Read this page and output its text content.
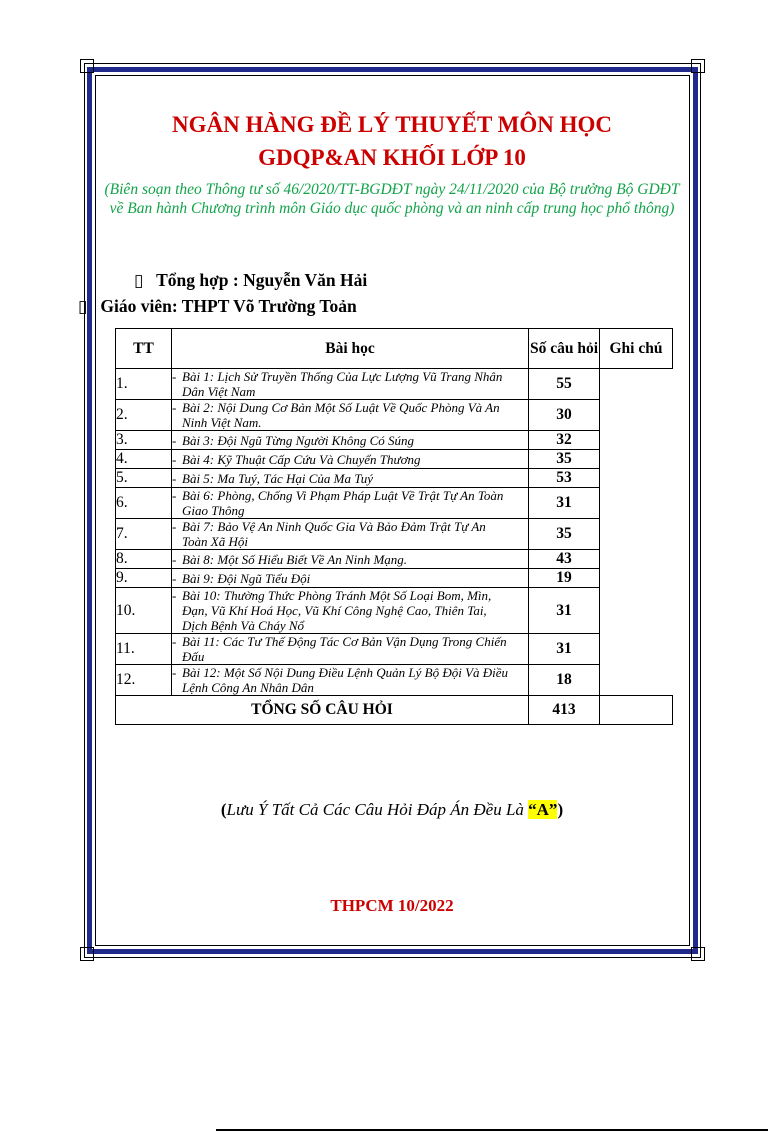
NGÂN HÀNG ĐỀ LÝ THUYẾT MÔN HỌC
GDQP&AN KHỐI LỚP 10
(Biên soạn theo Thông tư số 46/2020/TT-BGDĐT ngày 24/11/2020 của Bộ trưởng Bộ GDĐT về Ban hành Chương trình môn Giáo dục quốc phòng và an ninh cấp trung học phổ thông)
▯ Tổng hợp : Nguyễn Văn Hải
▯ Giáo viên: THPT Võ Trường Toản
TT	Bài học	Số câu hỏi	Ghi chú
1.	- Bài 1: Lịch Sử Truyền Thống Của Lực Lượng Vũ Trang Nhân Dân Việt Nam	55	

2.	- Bài 2: Nội Dung Cơ Bản Một Số Luật Về Quốc Phòng Và An Ninh Việt Nam.	30	

3.	- Bài 3: Đội Ngũ Từng Người Không Có Súng	32	

4.	- Bài 4: Kỹ Thuật Cấp Cứu Và Chuyển Thương	35	

5.	- Bài 5: Ma Tuý, Tác Hại Của Ma Tuý	53	

6.	- Bài 6: Phòng, Chống Vi Phạm Pháp Luật Về Trật Tự An Toàn Giao Thông	31	

7.	- Bài 7: Bảo Vệ An Ninh Quốc Gia Và Bảo Đảm Trật Tự An Toàn Xã Hội	35	

8.	- Bài 8: Một Số Hiểu Biết Về An Ninh Mạng.	43	

9.	- Bài 9: Đội Ngũ Tiểu Đội	19	

10.	- Bài 10: Thường Thức Phòng Tránh Một Số Loại Bom, Mìn, Đạn, Vũ Khí Hoá Học, Vũ Khí Công Nghệ Cao, Thiên Tai, Dịch Bệnh Và Cháy Nổ	31	

11.	- Bài 11: Các Tư Thế Động Tác Cơ Bản Vận Dụng Trong Chiến Đấu	31	

12.	- Bài 12: Một Số Nội Dung Điều Lệnh Quản Lý Bộ Đội Và Điều Lệnh Công An Nhân Dân	18	

TỔNG SỐ CÂU HỎI		413	
(Lưu Ý Tất Cả Các Câu Hỏi Đáp Án Đều Là “A”)
THPCM 10/2022
